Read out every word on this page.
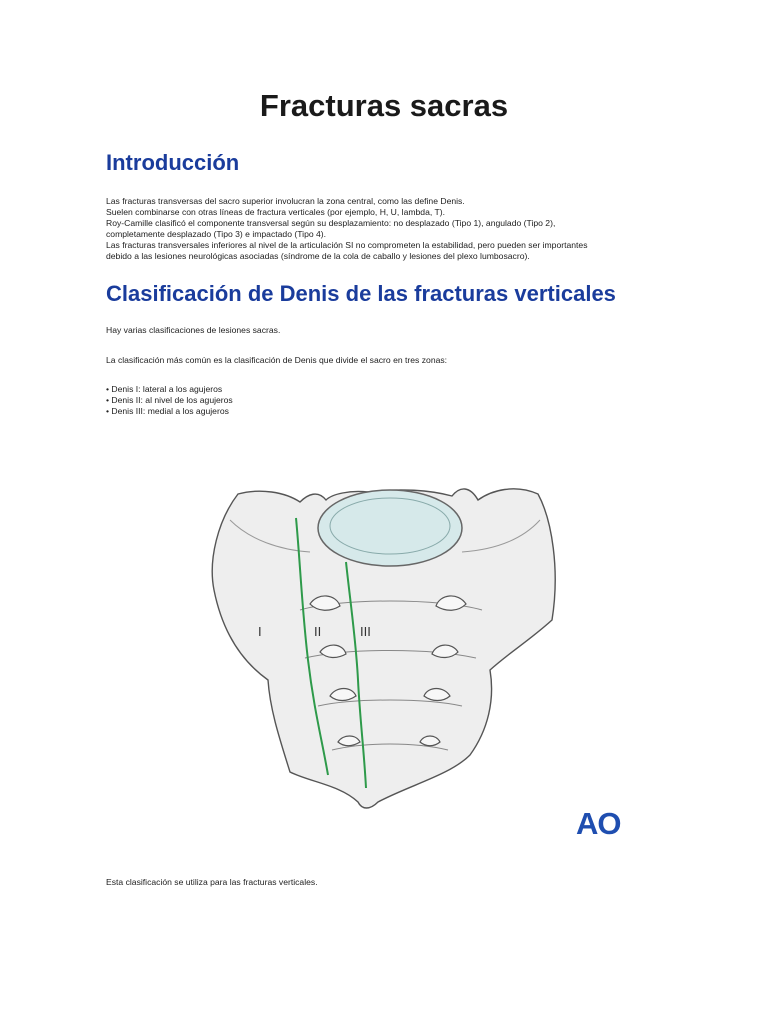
Fracturas sacras
Introducción
Las fracturas transversas del sacro superior involucran la zona central, como las define Denis.
Suelen combinarse con otras líneas de fractura verticales (por ejemplo, H, U, lambda, T).
Roy-Camille clasificó el componente transversal según su desplazamiento: no desplazado (Tipo 1), angulado (Tipo 2),
completamente desplazado (Tipo 3) e impactado (Tipo 4).
Las fracturas transversales inferiores al nivel de la articulación SI no comprometen la estabilidad, pero pueden ser importantes
debido a las lesiones neurológicas asociadas (síndrome de la cola de caballo y lesiones del plexo lumbosacro).
Clasificación de Denis de las fracturas verticales

Hay varias clasificaciones de lesiones sacras.

La clasificación más común es la clasificación de Denis que divide el sacro en tres zonas:

• Denis I: lateral a los agujeros
• Denis II: al nivel de los agujeros
• Denis III: medial a los agujeros
I	II	III
AO

Esta clasificación se utiliza para las fracturas verticales.
